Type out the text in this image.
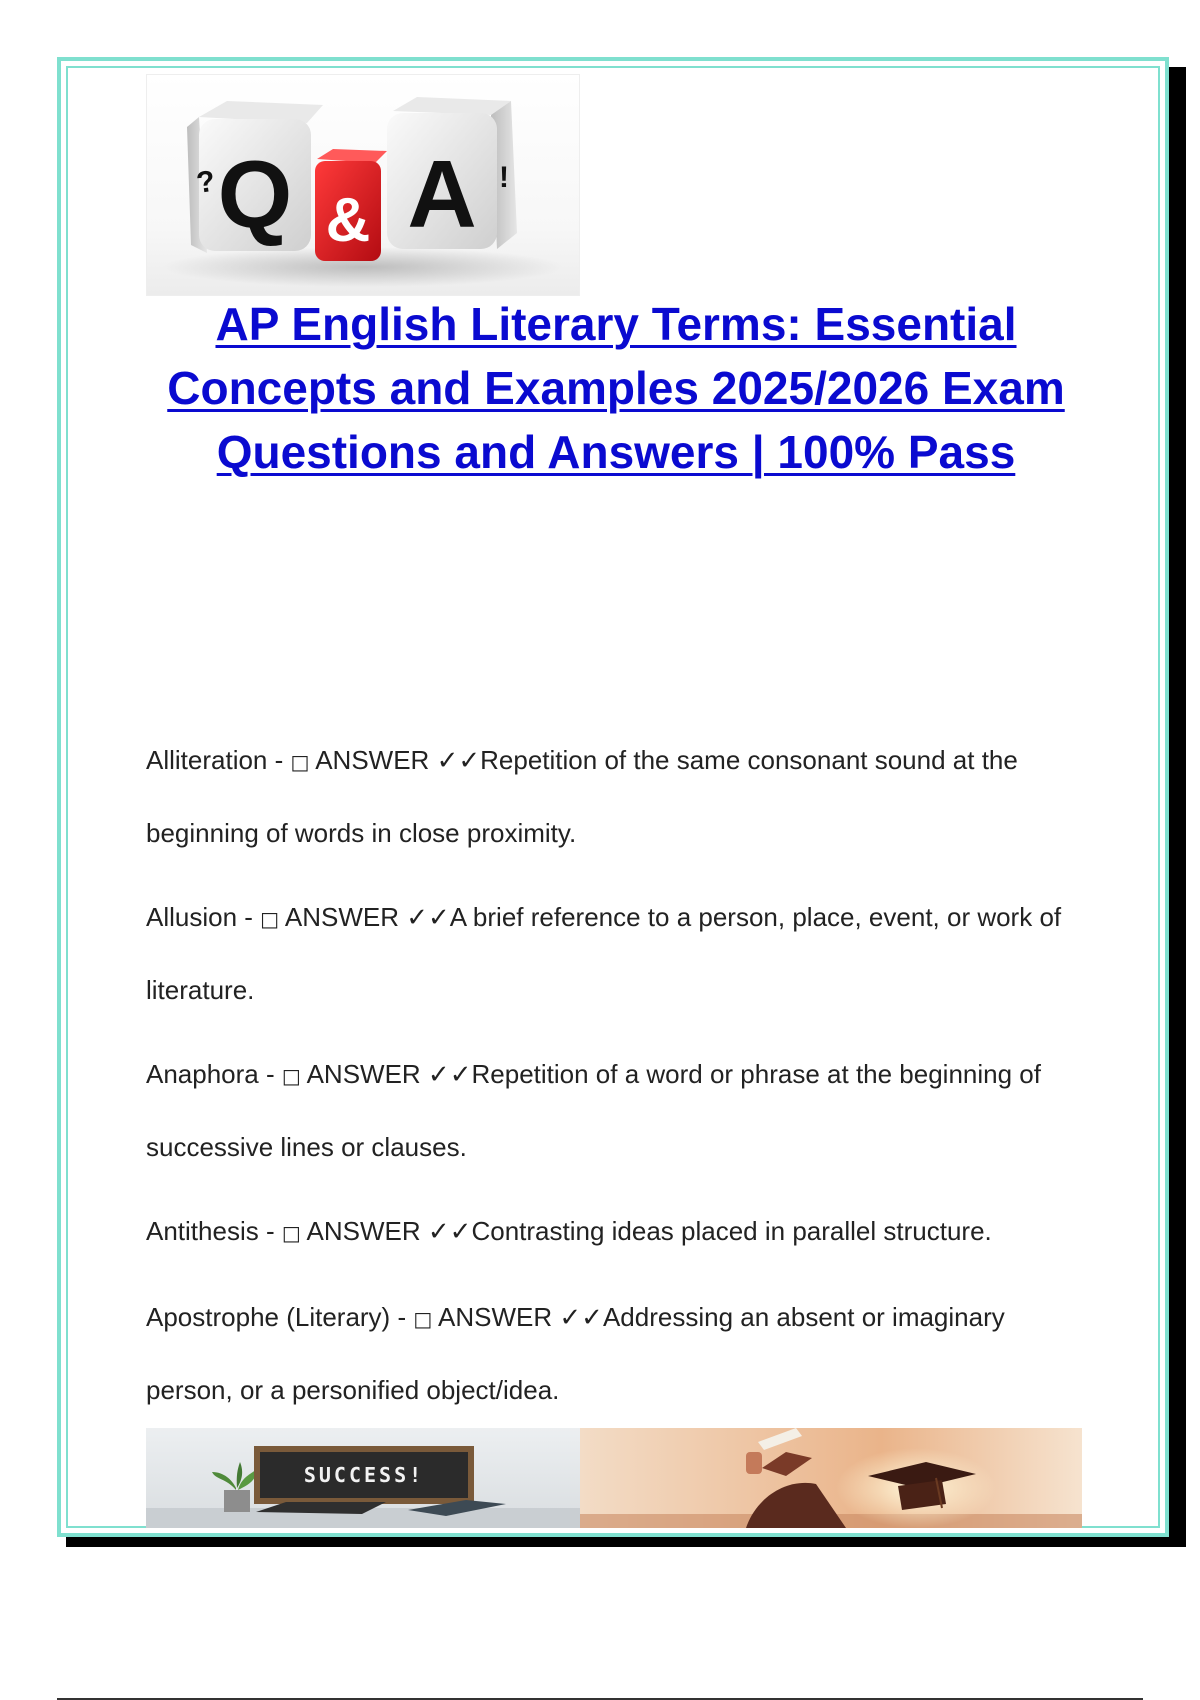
Q
?
& A !
AP English Literary Terms: Essential Concepts and Examples 2025/2026 Exam Questions and Answers | 100% Pass

Alliteration - □ ANSWER ✓✓Repetition of the same consonant sound at the beginning of words in close proximity.

Allusion - □ ANSWER ✓✓A brief reference to a person, place, event, or work of literature.

Anaphora - □ ANSWER ✓✓Repetition of a word or phrase at the beginning of successive lines or clauses.

Antithesis - □ ANSWER ✓✓Contrasting ideas placed in parallel structure.

Apostrophe (Literary) - □ ANSWER ✓✓Addressing an absent or imaginary person, or a personified object/idea.

SUCCESS!
